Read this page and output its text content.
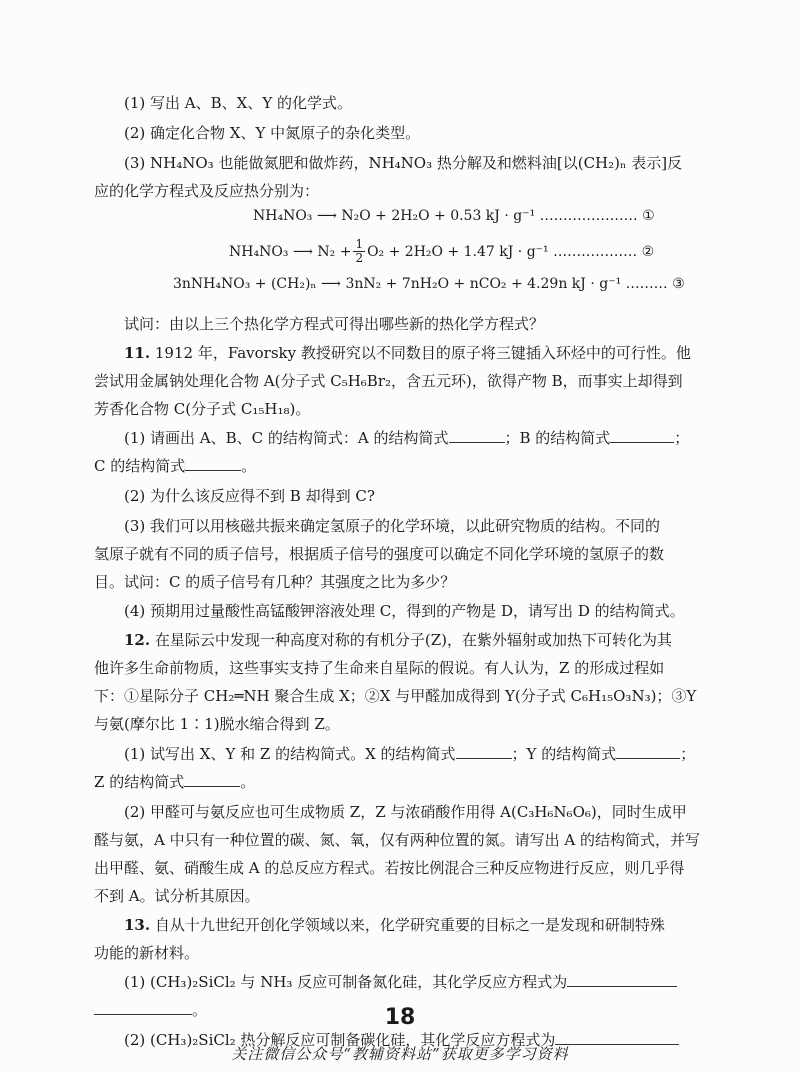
(1) 写出 A、B、X、Y 的化学式。

(2) 确定化合物 X、Y 中氮原子的杂化类型。

(3) NH₄NO₃ 也能做氮肥和做炸药，NH₄NO₃ 热分解及和燃料油[以(CH₂)ₙ 表示]反

应的化学方程式及反应热分别为：

NH₄NO₃ ⟶ N₂O + 2H₂O + 0.53 kJ · g⁻¹ ………………… ①
NH₄NO₃ ⟶ $N_2 + \frac{1}{2} O_2 + 2H_2O + 1.47$ kJ · g⁻¹ ……………… ②
3nNH₄NO₃ + (CH₂)ₙ ⟶ 3nN₂ + 7nH₂O + nCO₂ + 4.29n kJ · g⁻¹ ……… ③

试问：由以上三个热化学方程式可得出哪些新的热化学方程式？

11. 1912 年，Favorsky 教授研究以不同数目的原子将三键插入环烃中的可行性。他

尝试用金属钠处理化合物 A(分子式 C₅H₆Br₂，含五元环)，欲得产物 B，而事实上却得到

芳香化合物 C(分子式 C₁₅H₁₈)。

(1) 请画出 A、B、C 的结构简式：A 的结构简式	；B 的结构简式	；

C 的结构简式	。

(2) 为什么该反应得不到 B 却得到 C?

(3) 我们可以用核磁共振来确定氢原子的化学环境，以此研究物质的结构。不同的

氢原子就有不同的质子信号，根据质子信号的强度可以确定不同化学环境的氢原子的数

目。试问：C 的质子信号有几种？其强度之比为多少？

(4) 预期用过量酸性高锰酸钾溶液处理 C，得到的产物是 D，请写出 D 的结构简式。

12. 在星际云中发现一种高度对称的有机分子(Z)，在紫外辐射或加热下可转化为其

他许多生命前物质，这些事实支持了生命来自星际的假说。有人认为，Z 的形成过程如

下：①星际分子 CH₂═NH 聚合生成 X；②X 与甲醛加成得到 Y(分子式 C₆H₁₅O₃N₃)；③Y

与氨(摩尔比 1∶1)脱水缩合得到 Z。

(1) 试写出 X、Y 和 Z 的结构简式。X 的结构简式	；Y 的结构简式	；

Z 的结构简式	。

(2) 甲醛可与氨反应也可生成物质 Z，Z 与浓硝酸作用得 A(C₃H₆N₆O₆)，同时生成甲

醛与氨，A 中只有一种位置的碳、氮、氧，仅有两种位置的氮。请写出 A 的结构简式，并写

出甲醛、氨、硝酸生成 A 的总反应方程式。若按比例混合三种反应物进行反应，则几乎得

不到 A。试分析其原因。

13. 自从十九世纪开创化学领域以来，化学研究重要的目标之一是发现和研制特殊

功能的新材料。

(1) (CH₃)₂SiCl₂ 与 NH₃ 反应可制备氮化硅，其化学反应方程式为

。

(2) (CH₃)₂SiCl₂ 热分解反应可制备碳化硅，其化学反应方程式为

18
关注微信公众号“教辅资料站”获取更多学习资料
